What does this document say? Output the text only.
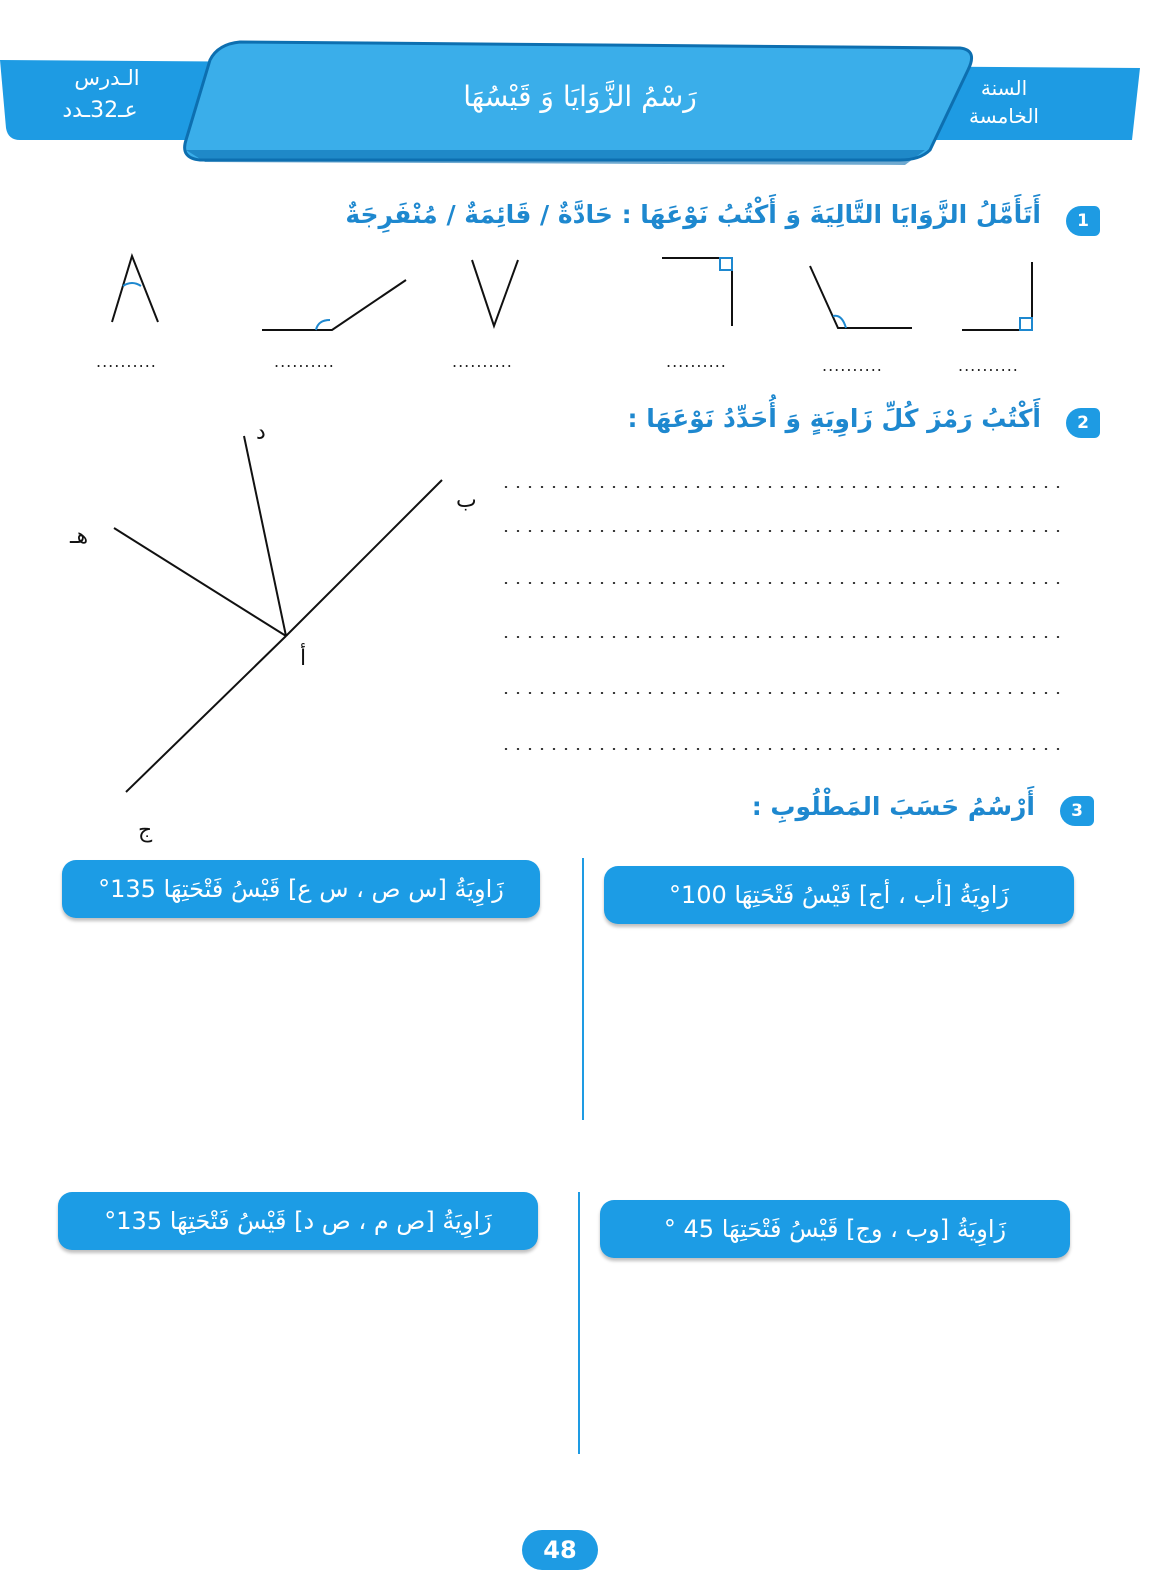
السنة
الخامسة
الـدرس
عـ32ـدد	رَسْمُ الزَّوَايَا وَ قَيْسُهَا
1
أَتَأَمَّلُ الزَّوَايَا التَّالِيَةَ وَ أَكْتُبُ نَوْعَهَا : حَادَّةٌ / قَائِمَةٌ / مُنْفَرِجَةٌ
..........	..........	..........	..........	..........	..........
2
أَكْتُبُ رَمْزَ كُلِّ زَاوِيَةٍ وَ أُحَدِّدُ نَوْعَهَا :
د
ب
هـ
أ
ج
3
أَرْسُمُ حَسَبَ المَطْلُوبِ :
زَاوِيَةُ [أب ، أج] قَيْسُ فَتْحَتِهَا 100°
زَاوِيَةُ [س ص ، س ع] قَيْسُ فَتْحَتِهَا 135°
زَاوِيَةُ [وب ، وج] قَيْسُ فَتْحَتِهَا 45 °
زَاوِيَةُ [ص م ، ص د] قَيْسُ فَتْحَتِهَا 135°
48
